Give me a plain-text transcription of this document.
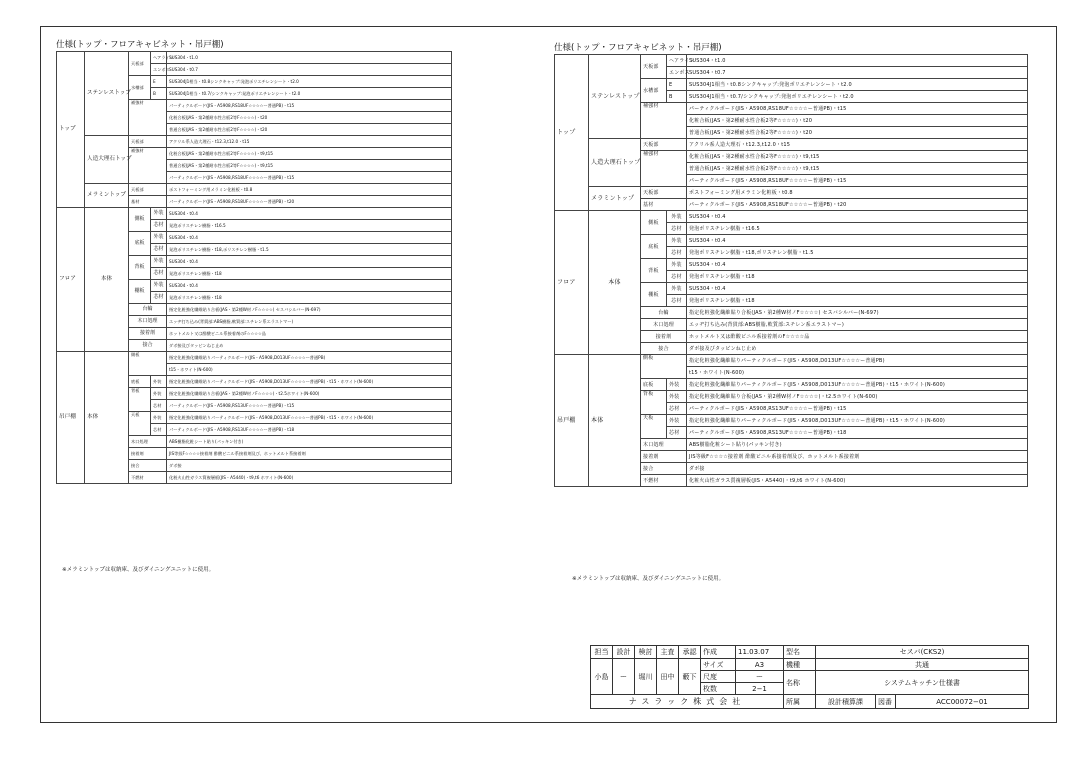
仕様(トップ・フロアキャビネット・吊戸棚)
トップ	ステンレストップ	天板部	ヘアライン	SUS304・t1.0
			エンボス	SUS304・t0.7
		水槽部	E	SUS304J1相当・t0.8シンクキャップ:発泡ポリエチレンシート・t2.0
			B	SUS304J1相当・t0.7/シンクキャップ:発泡ポリエチレンシート・t2.0
		補強材		パーティクルボード(JIS・A5908,RS18UF☆☆☆☆ー普通PB)・t15
				化粧合板(JAS・第2種耐水性合板2等F☆☆☆☆)・t20
				普通合板(JAS・第2種耐水性合板2等F☆☆☆☆)・t20
	人造大理石トップ	天板部		アクリル系人造大理石・t12.3,t12.0・t15
		補強材		化粧合板(JAS・第2種耐水性合板2等F☆☆☆☆)・t9,t15
				普通合板(JAS・第2種耐水性合板2等F☆☆☆☆)・t9,t15
				パーティクルボード(JIS・A5908,RS18UF☆☆☆☆ー普通PB)・t15
	メラミントップ	天板部		ポストフォーミング用メラミン化粧板・t0.8
		基材		パーティクルボード(JIS・A5908,RS18UF☆☆☆☆ー普通PB)・t20
フロア	本体	側板	外装	SUS304・t0.4
			芯材	発泡ポリスチレン樹脂・t16.5
		底板	外装	SUS304・t0.4
			芯材	発泡ポリスチレン樹脂・t18,ポリスチレン樹脂・t1.5
		背板	外装	SUS304・t0.4
			芯材	発泡ポリスチレン樹脂・t18
		棚板	外装	SUS304・t0.4
			芯材	発泡ポリスチレン樹脂・t18
		台輪		指定化粧強化繊維貼り合板(JAS・第2種W材ノF☆☆☆☆) セスバシルバー(N-697)
		木口処理		エッヂ打ち込み(背貫部:ABS樹脂,軟質部:スチレン系エラストマー)
		接着剤		ホットメルト又は酢酸ビニル系接着剤のF☆☆☆☆品
		接合		ダボ接及びタッピンねじ止め
吊戸棚	本体	側板		指定化粧強化繊維貼りパーティクルボード(JIS・A5908,D013UF☆☆☆☆ー普通PB)
				t15・ホワイト(N-600)
		底板	外装	指定化粧強化繊維貼りパーティクルボード(JIS・A5908,D013UF☆☆☆☆ー普通PB)・t15・ホワイト(N-600)
		背板	外装	指定化粧強化繊維貼り合板(JAS・第2種W材ノF☆☆☆☆)・t2.5ホワイト(N-600)
			芯材	パーティクルボード(JIS・A5908,RS13UF☆☆☆☆ー普通PB)・t15
		天板	外装	指定化粧強化繊維貼りパーティクルボード(JIS・A5908,D013UF☆☆☆☆ー普通PB)・t15・ホワイト(N-600)
			芯材	パーティクルボード(JIS・A5908,RS13UF☆☆☆☆ー普通PB)・t18
		木口処理		ABS樹脂化粧シート貼り(パッキン付き)
		接着剤		JIS等級F☆☆☆☆接着剤 酢酸ビニル系接着剤及び、ホットメルト系接着剤
		接合		ダボ接
		不燃材		化粧火山性ガラス質複層板(JIS・A5440)・t9,t6 ホワイト(N-600)
※メラミントップは収納庫、及びダイニングユニットに使用。
仕様(トップ・フロアキャビネット・吊戸棚)
トップ	ステンレストップ	天板部	ヘアライン	SUS304・t1.0
			エンボス	SUS304・t0.7
		水槽部	E	SUS304J1相当・t0.8シンクキャップ:発泡ポリエチレンシート・t2.0
			B	SUS304J1相当・t0.7/シンクキャップ:発泡ポリエチレンシート・t2.0
		補強材		パーティクルボード(JIS・A5908,RS18UF☆☆☆☆ー普通PB)・t15
				化粧合板(JAS・第2種耐水性合板2等F☆☆☆☆)・t20
				普通合板(JAS・第2種耐水性合板2等F☆☆☆☆)・t20
	人造大理石トップ	天板部		アクリル系人造大理石・t12.3,t12.0・t15
		補強材		化粧合板(JAS・第2種耐水性合板2等F☆☆☆☆)・t9,t15
				普通合板(JAS・第2種耐水性合板2等F☆☆☆☆)・t9,t15
				パーティクルボード(JIS・A5908,RS18UF☆☆☆☆ー普通PB)・t15
	メラミントップ	天板部		ポストフォーミング用メラミン化粧板・t0.8
		基材		パーティクルボード(JIS・A5908,RS18UF☆☆☆☆ー普通PB)・t20
フロア	本体	側板	外装	SUS304・t0.4
			芯材	発泡ポリスチレン樹脂・t16.5
		底板	外装	SUS304・t0.4
			芯材	発泡ポリスチレン樹脂・t18,ポリスチレン樹脂・t1.5
		背板	外装	SUS304・t0.4
			芯材	発泡ポリスチレン樹脂・t18
		棚板	外装	SUS304・t0.4
			芯材	発泡ポリスチレン樹脂・t18
		台輪		指定化粧強化繊維貼り合板(JAS・第2種W材ノF☆☆☆☆) セスバシルバー(N-697)
		木口処理		エッヂ打ち込み(背貫部:ABS樹脂,軟質部:スチレン系エラストマー)
		接着剤		ホットメルト又は酢酸ビニル系接着剤のF☆☆☆☆品
		接合		ダボ接及びタッピンねじ止め
吊戸棚	本体	側板		指定化粧強化繊維貼りパーティクルボード(JIS・A5908,D013UF☆☆☆☆ー普通PB)
				t15・ホワイト(N-600)
		底板	外装	指定化粧強化繊維貼りパーティクルボード(JIS・A5908,D013UF☆☆☆☆ー普通PB)・t15・ホワイト(N-600)
		背板	外装	指定化粧強化繊維貼り合板(JAS・第2種W材ノF☆☆☆☆)・t2.5ホワイト(N-600)
			芯材	パーティクルボード(JIS・A5908,RS13UF☆☆☆☆ー普通PB)・t15
		天板	外装	指定化粧強化繊維貼りパーティクルボード(JIS・A5908,D013UF☆☆☆☆ー普通PB)・t15・ホワイト(N-600)
			芯材	パーティクルボード(JIS・A5908,RS13UF☆☆☆☆ー普通PB)・t18
		木口処理		ABS樹脂化粧シート貼り(パッキン付き)
		接着剤		JIS等級F☆☆☆☆接着剤 酢酸ビニル系接着剤及び、ホットメルト系接着剤
		接合		ダボ接
		不燃材		化粧火山性ガラス質複層板(JIS・A5440)・t9,t6 ホワイト(N-600)
※メラミントップは収納庫、及びダイニングユニットに使用。
担当	設計	検討	主査	承認	作成	11.03.07	型名	セスバ(CKS2)		
小島	ー	堀川	田中	藪下	サイズ	A3	機種	共通		
					尺度	ー	名称	システムキッチン仕様書		
					枚数	2−1				
ナスラック株式会社							所属	設計積算課	図番	ACC00072−01
